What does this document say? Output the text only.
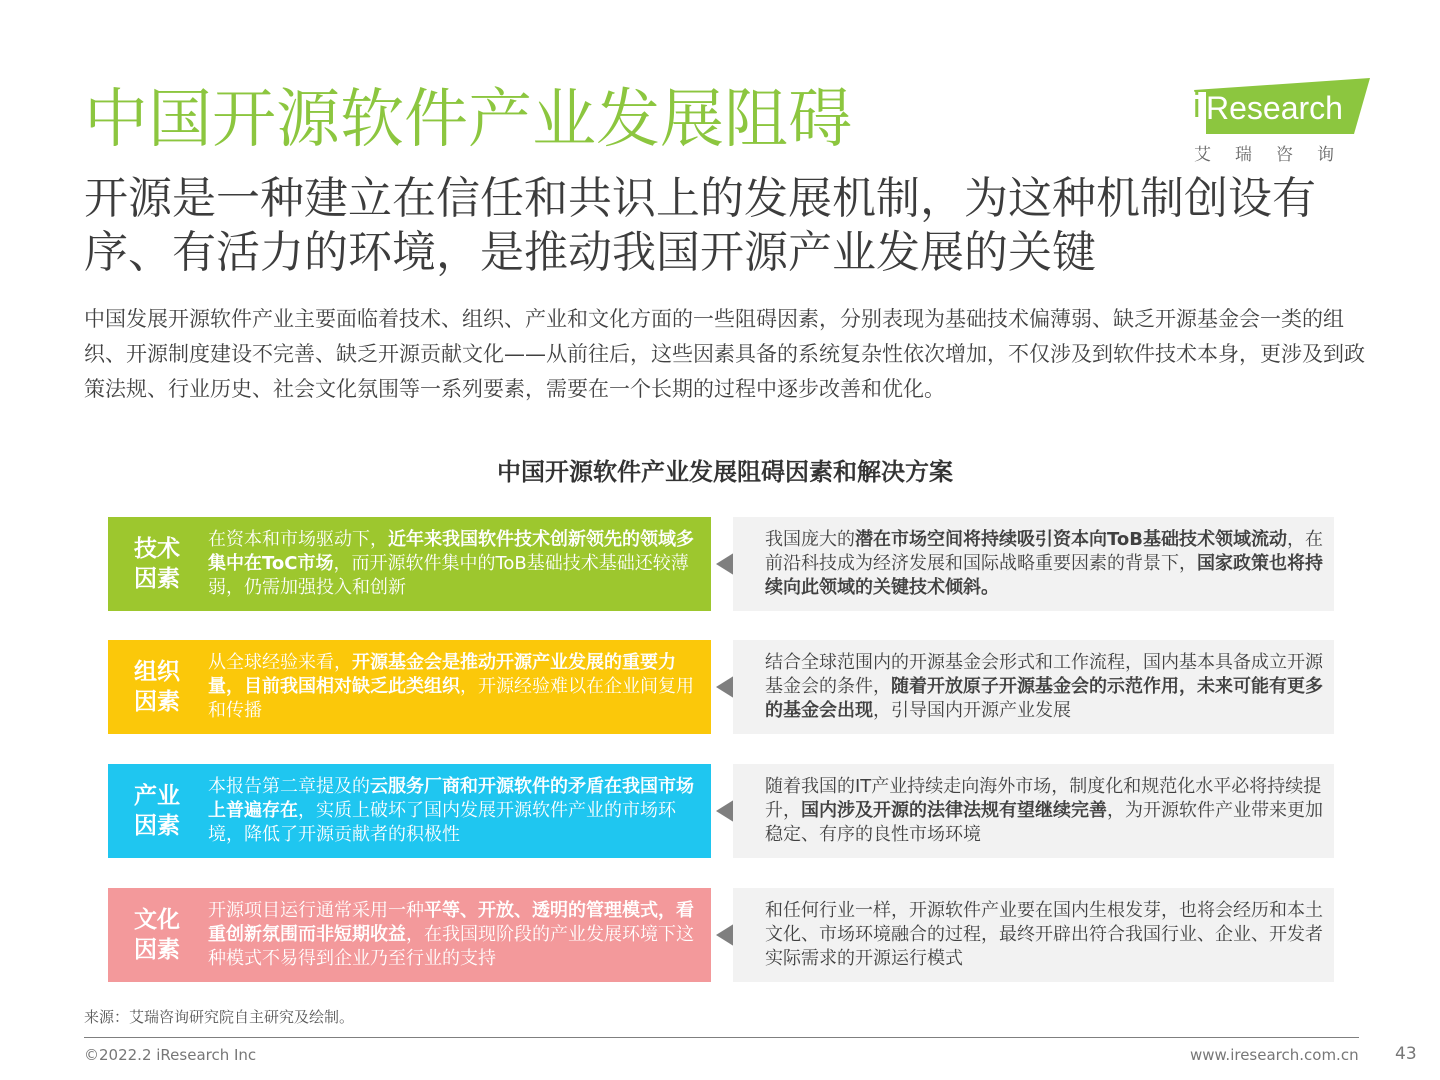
中国开源软件产业发展阻碍	i Research
艾瑞咨询
开源是一种建立在信任和共识上的发展机制，为这种机制创设有序、有活力的环境，是推动我国开源产业发展的关键

中国发展开源软件产业主要面临着技术、组织、产业和文化方面的一些阻碍因素，分别表现为基础技术偏薄弱、缺乏开源基金会一类的组织、开源制度建设不完善、缺乏开源贡献文化——从前往后，这些因素具备的系统复杂性依次增加，不仅涉及到软件技术本身，更涉及到政策法规、行业历史、社会文化氛围等一系列要素，需要在一个长期的过程中逐步改善和优化。

中国开源软件产业发展阻碍因素和解决方案
技术
因素
在资本和市场驱动下，近年来我国软件技术创新领先的领域多集中在ToC市场，而开源软件集中的ToB基础技术基础还较薄弱，仍需加强投入和创新
我国庞大的潜在市场空间将持续吸引资本向ToB基础技术领域流动，在前沿科技成为经济发展和国际战略重要因素的背景下，国家政策也将持续向此领域的关键技术倾斜。
组织
因素
从全球经验来看，开源基金会是推动开源产业发展的重要力量，目前我国相对缺乏此类组织，开源经验难以在企业间复用和传播
结合全球范围内的开源基金会形式和工作流程，国内基本具备成立开源基金会的条件，随着开放原子开源基金会的示范作用，未来可能有更多的基金会出现，引导国内开源产业发展
产业
因素
本报告第二章提及的云服务厂商和开源软件的矛盾在我国市场上普遍存在，实质上破坏了国内发展开源软件产业的市场环境，降低了开源贡献者的积极性
随着我国的IT产业持续走向海外市场，制度化和规范化水平必将持续提升，国内涉及开源的法律法规有望继续完善，为开源软件产业带来更加稳定、有序的良性市场环境
文化
因素
开源项目运行通常采用一种平等、开放、透明的管理模式，看重创新氛围而非短期收益，在我国现阶段的产业发展环境下这种模式不易得到企业乃至行业的支持
和任何行业一样，开源软件产业要在国内生根发芽，也将会经历和本土文化、市场环境融合的过程，最终开辟出符合我国行业、企业、开发者实际需求的开源运行模式
来源：艾瑞咨询研究院自主研究及绘制。
©2022.2 iResearch Inc	www.iresearch.com.cn 43
